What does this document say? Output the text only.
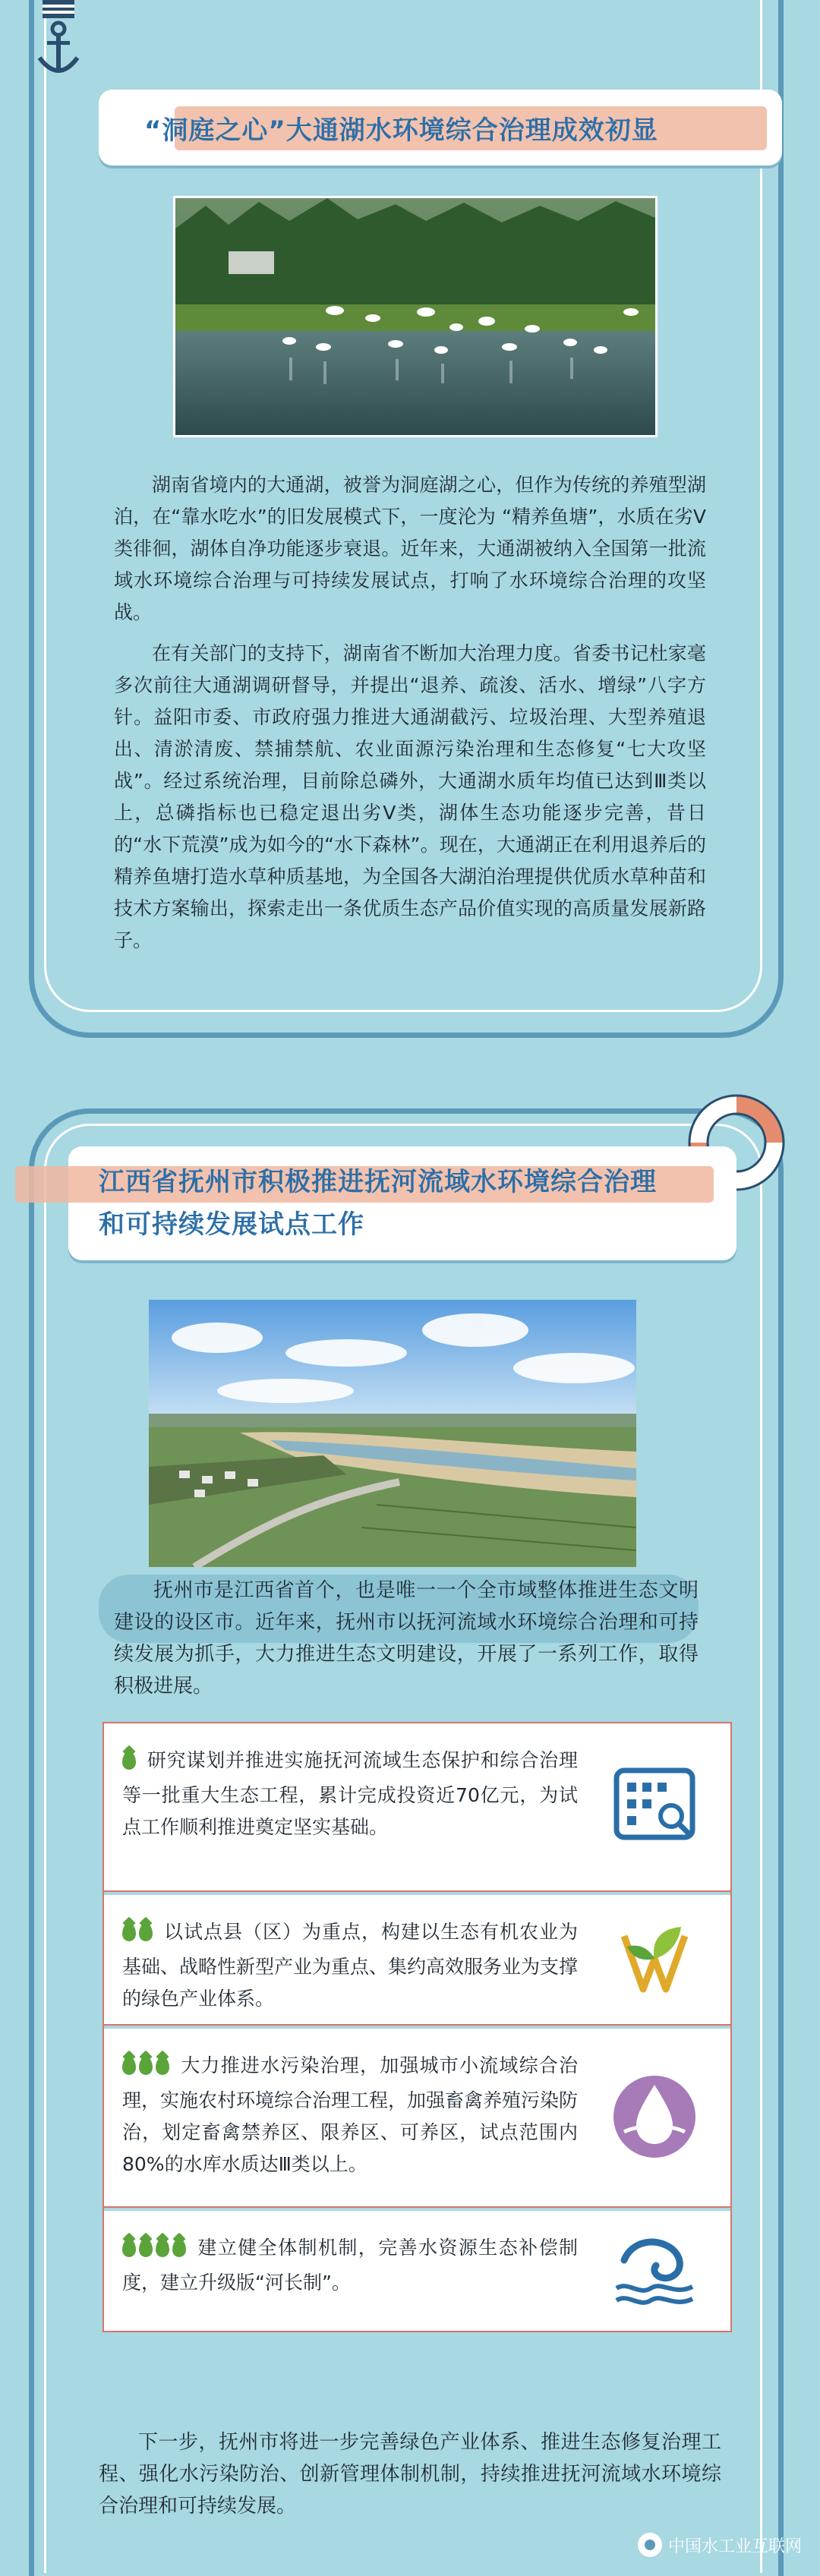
“洞庭之心”大通湖水环境综合治理成效初显

湖南省境内的大通湖，被誉为洞庭湖之心，但作为传统的养殖型湖泊，在“靠水吃水”的旧发展模式下，一度沦为 “精养鱼塘”，水质在劣Ⅴ类徘徊，湖体自净功能逐步衰退。近年来，大通湖被纳入全国第一批流域水环境综合治理与可持续发展试点，打响了水环境综合治理的攻坚战。

在有关部门的支持下，湖南省不断加大治理力度。省委书记杜家毫多次前往大通湖调研督导，并提出“退养、疏浚、活水、增绿”八字方针。益阳市委、市政府强力推进大通湖截污、垃圾治理、大型养殖退出、清淤清废、禁捕禁航、农业面源污染治理和生态修复“七大攻坚战”。经过系统治理，目前除总磷外，大通湖水质年均值已达到Ⅲ类以上，总磷指标也已稳定退出劣Ⅴ类，湖体生态功能逐步完善，昔日的“水下荒漠”成为如今的“水下森林”。现在，大通湖正在利用退养后的精养鱼塘打造水草种质基地，为全国各大湖泊治理提供优质水草种苗和技术方案输出，探索走出一条优质生态产品价值实现的高质量发展新路子。

江西省抚州市积极推进抚河流域水环境综合治理
和可持续发展试点工作

抚州市是江西省首个，也是唯一一个全市域整体推进生态文明建设的设区市。近年来，抚州市以抚河流域水环境综合治理和可持续发展为抓手，大力推进生态文明建设，开展了一系列工作，取得积极进展。

研究谋划并推进实施抚河流域生态保护和综合治理等一批重大生态工程，累计完成投资近70亿元，为试点工作顺利推进奠定坚实基础。
以试点县（区）为重点，构建以生态有机农业为基础、战略性新型产业为重点、集约高效服务业为支撑的绿色产业体系。
大力推进水污染治理，加强城市小流域综合治理，实施农村环境综合治理工程，加强畜禽养殖污染防治，划定畜禽禁养区、限养区、可养区，试点范围内80%的水库水质达Ⅲ类以上。
建立健全体制机制，完善水资源生态补偿制度，建立升级版“河长制”。

下一步，抚州市将进一步完善绿色产业体系、推进生态修复治理工程、强化水污染防治、创新管理体制机制，持续推进抚河流域水环境综合治理和可持续发展。

中国水工业互联网
